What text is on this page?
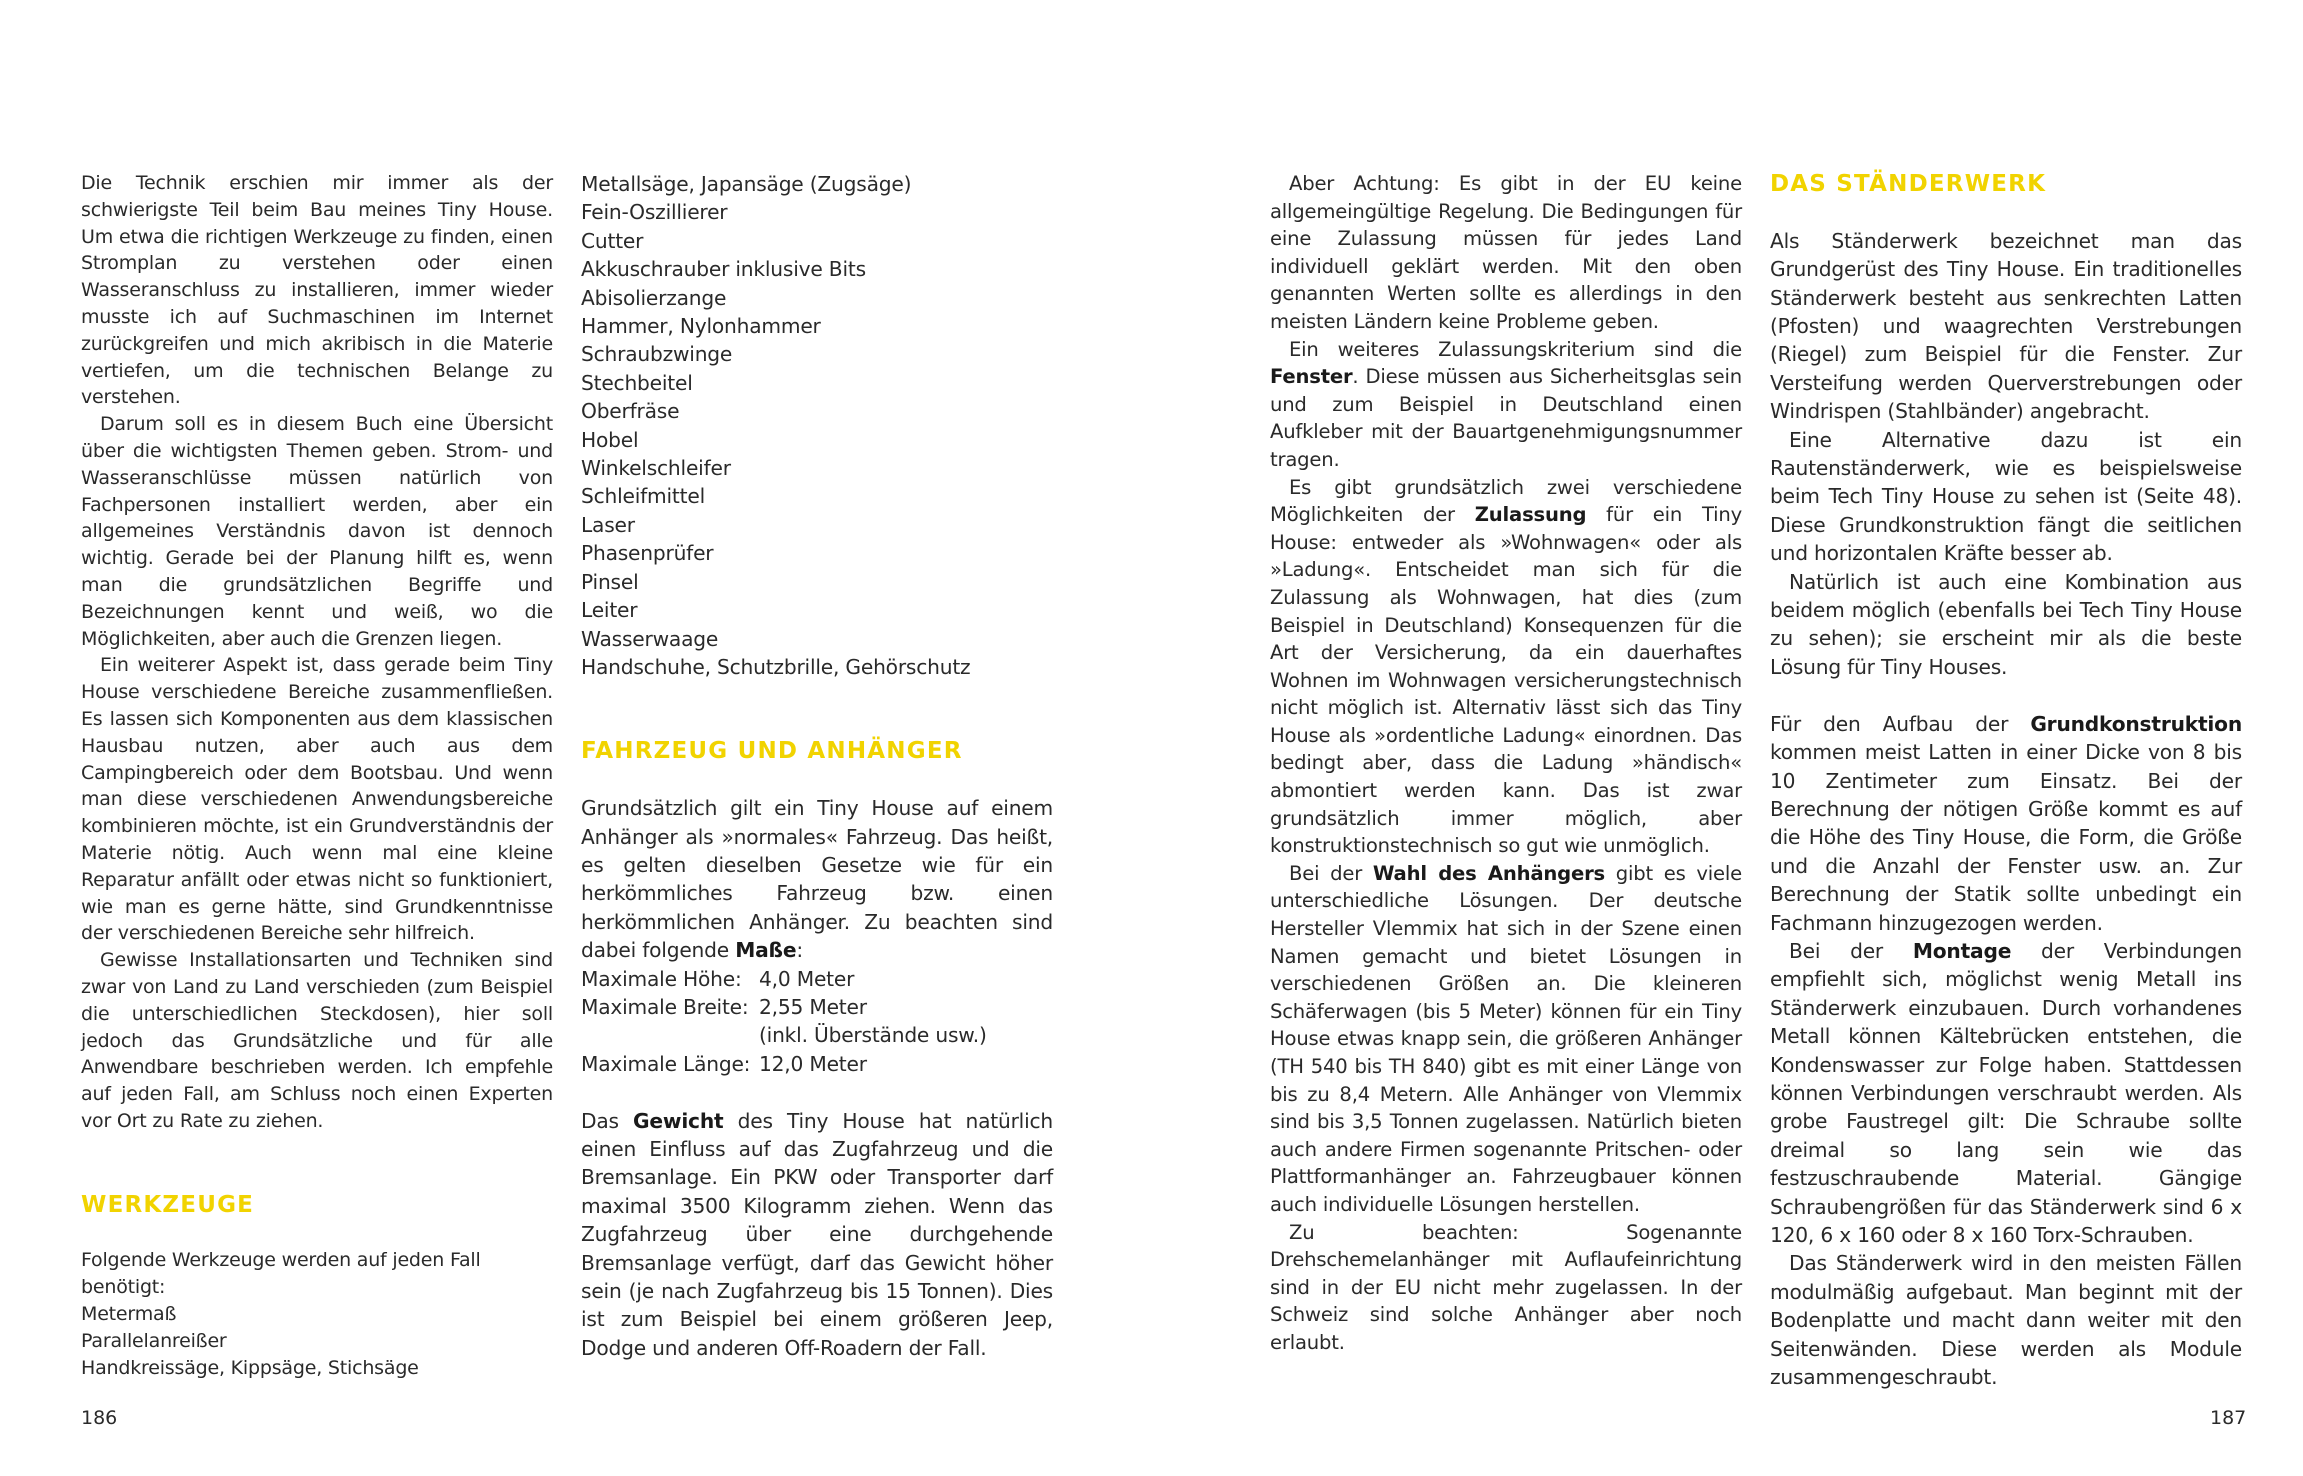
Die Technik erschien mir immer als der schwierigste Teil beim Bau meines Tiny House. Um etwa die richtigen Werkzeuge zu finden, einen Stromplan zu verstehen oder einen Wasseranschluss zu installieren, immer wieder musste ich auf Suchmaschinen im Internet zurückgreifen und mich akribisch in die Materie vertiefen, um die technischen Belange zu verstehen.

Darum soll es in diesem Buch eine Übersicht über die wichtigsten Themen geben. Strom- und Wasseranschlüsse müssen natürlich von Fachpersonen installiert werden, aber ein allgemeines Verständnis davon ist dennoch wichtig. Gerade bei der Planung hilft es, wenn man die grundsätzlichen Begriffe und Bezeichnungen kennt und weiß, wo die Möglichkeiten, aber auch die Grenzen liegen.

Ein weiterer Aspekt ist, dass gerade beim Tiny House verschiedene Bereiche zusammenfließen. Es lassen sich Komponenten aus dem klassischen Hausbau nutzen, aber auch aus dem Campingbereich oder dem Bootsbau. Und wenn man diese verschiedenen Anwendungsbereiche kombinieren möchte, ist ein Grundverständnis der Materie nötig. Auch wenn mal eine kleine Reparatur anfällt oder etwas nicht so funktioniert, wie man es gerne hätte, sind Grundkenntnisse der verschiedenen Bereiche sehr hilfreich.

Gewisse Installationsarten und Techniken sind zwar von Land zu Land verschieden (zum Beispiel die unterschiedlichen Steckdosen), hier soll jedoch das Grundsätzliche und für alle Anwendbare beschrieben werden. Ich empfehle auf jeden Fall, am Schluss noch einen Experten vor Ort zu Rate zu ziehen.

WERKZEUGE

Folgende Werkzeuge werden auf jeden Fall benötigt:

Metermaß
Parallelanreißer
Handkreissäge, Kippsäge, Stichsäge
Metallsäge, Japansäge (Zugsäge)
Fein-Oszillierer
Cutter
Akkuschrauber inklusive Bits
Abisolierzange
Hammer, Nylonhammer
Schraubzwinge
Stechbeitel
Oberfräse
Hobel
Winkelschleifer
Schleifmittel
Laser
Phasenprüfer
Pinsel
Leiter
Wasserwaage
Handschuhe, Schutzbrille, Gehörschutz
FAHRZEUG UND ANHÄNGER

Grundsätzlich gilt ein Tiny House auf einem Anhänger als »normales« Fahrzeug. Das heißt, es gelten dieselben Gesetze wie für ein herkömmliches Fahrzeug bzw. einen herkömmlichen Anhänger. Zu beachten sind dabei folgende Maße:

Maximale Höhe: 4,0 Meter
Maximale Breite: 2,55 Meter
(inkl. Überstände usw.)
Maximale Länge: 12,0 Meter

Das Gewicht des Tiny House hat natürlich einen Einfluss auf das Zugfahrzeug und die Bremsanlage. Ein PKW oder Transporter darf maximal 3500 Kilogramm ziehen. Wenn das Zugfahrzeug über eine durchgehende Bremsanlage verfügt, darf das Gewicht höher sein (je nach Zugfahrzeug bis 15 Tonnen). Dies ist zum Beispiel bei einem größeren Jeep, Dodge und anderen Off-Roadern der Fall.

186

Aber Achtung: Es gibt in der EU keine allgemeingültige Regelung. Die Bedingungen für eine Zulassung müssen für jedes Land individuell geklärt werden. Mit den oben genannten Werten sollte es allerdings in den meisten Ländern keine Probleme geben.

Ein weiteres Zulassungskriterium sind die Fenster. Diese müssen aus Sicherheitsglas sein und zum Beispiel in Deutschland einen Aufkleber mit der Bauartgenehmigungsnummer tragen.

Es gibt grundsätzlich zwei verschiedene Möglichkeiten der Zulassung für ein Tiny House: entweder als »Wohnwagen« oder als »Ladung«. Entscheidet man sich für die Zulassung als Wohnwagen, hat dies (zum Beispiel in Deutschland) Konsequenzen für die Art der Versicherung, da ein dauerhaftes Wohnen im Wohnwagen versicherungstechnisch nicht möglich ist. Alternativ lässt sich das Tiny House als »ordentliche Ladung« einordnen. Das bedingt aber, dass die Ladung »händisch« abmontiert werden kann. Das ist zwar grundsätzlich immer möglich, aber konstruktionstechnisch so gut wie unmöglich.

Bei der Wahl des Anhängers gibt es viele unterschiedliche Lösungen. Der deutsche Hersteller Vlemmix hat sich in der Szene einen Namen gemacht und bietet Lösungen in verschiedenen Größen an. Die kleineren Schäferwagen (bis 5 Meter) können für ein Tiny House etwas knapp sein, die größeren Anhänger (TH 540 bis TH 840) gibt es mit einer Länge von bis zu 8,4 Metern. Alle Anhänger von Vlemmix sind bis 3,5 Tonnen zugelassen. Natürlich bieten auch andere Firmen sogenannte Pritschen- oder Plattformanhänger an. Fahrzeugbauer können auch individuelle Lösungen herstellen.

Zu beachten: Sogenannte Drehschemelanhänger mit Auflaufeinrichtung sind in der EU nicht mehr zugelassen. In der Schweiz sind solche Anhänger aber noch erlaubt.

DAS STÄNDERWERK

Als Ständerwerk bezeichnet man das Grundgerüst des Tiny House. Ein traditionelles Ständerwerk besteht aus senkrechten Latten (Pfosten) und waagrechten Verstrebungen (Riegel) zum Beispiel für die Fenster. Zur Versteifung werden Querverstrebungen oder Windrispen (Stahlbänder) angebracht.

Eine Alternative dazu ist ein Rautenständerwerk, wie es beispielsweise beim Tech Tiny House zu sehen ist (Seite 48). Diese Grundkonstruktion fängt die seitlichen und horizontalen Kräfte besser ab.

Natürlich ist auch eine Kombination aus beidem möglich (ebenfalls bei Tech Tiny House zu sehen); sie erscheint mir als die beste Lösung für Tiny Houses.

Für den Aufbau der Grundkonstruktion kommen meist Latten in einer Dicke von 8 bis 10 Zentimeter zum Einsatz. Bei der Berechnung der nötigen Größe kommt es auf die Höhe des Tiny House, die Form, die Größe und die Anzahl der Fenster usw. an. Zur Berechnung der Statik sollte unbedingt ein Fachmann hinzugezogen werden.

Bei der Montage der Verbindungen empfiehlt sich, möglichst wenig Metall ins Ständerwerk einzubauen. Durch vorhandenes Metall können Kältebrücken entstehen, die Kondenswasser zur Folge haben. Stattdessen können Verbindungen verschraubt werden. Als grobe Faustregel gilt: Die Schraube sollte dreimal so lang sein wie das festzuschraubende Material. Gängige Schraubengrößen für das Ständerwerk sind 6 x 120, 6 x 160 oder 8 x 160 Torx-Schrauben.

Das Ständerwerk wird in den meisten Fällen modulmäßig aufgebaut. Man beginnt mit der Bodenplatte und macht dann weiter mit den Seitenwänden. Diese werden als Module zusammengeschraubt.

187
